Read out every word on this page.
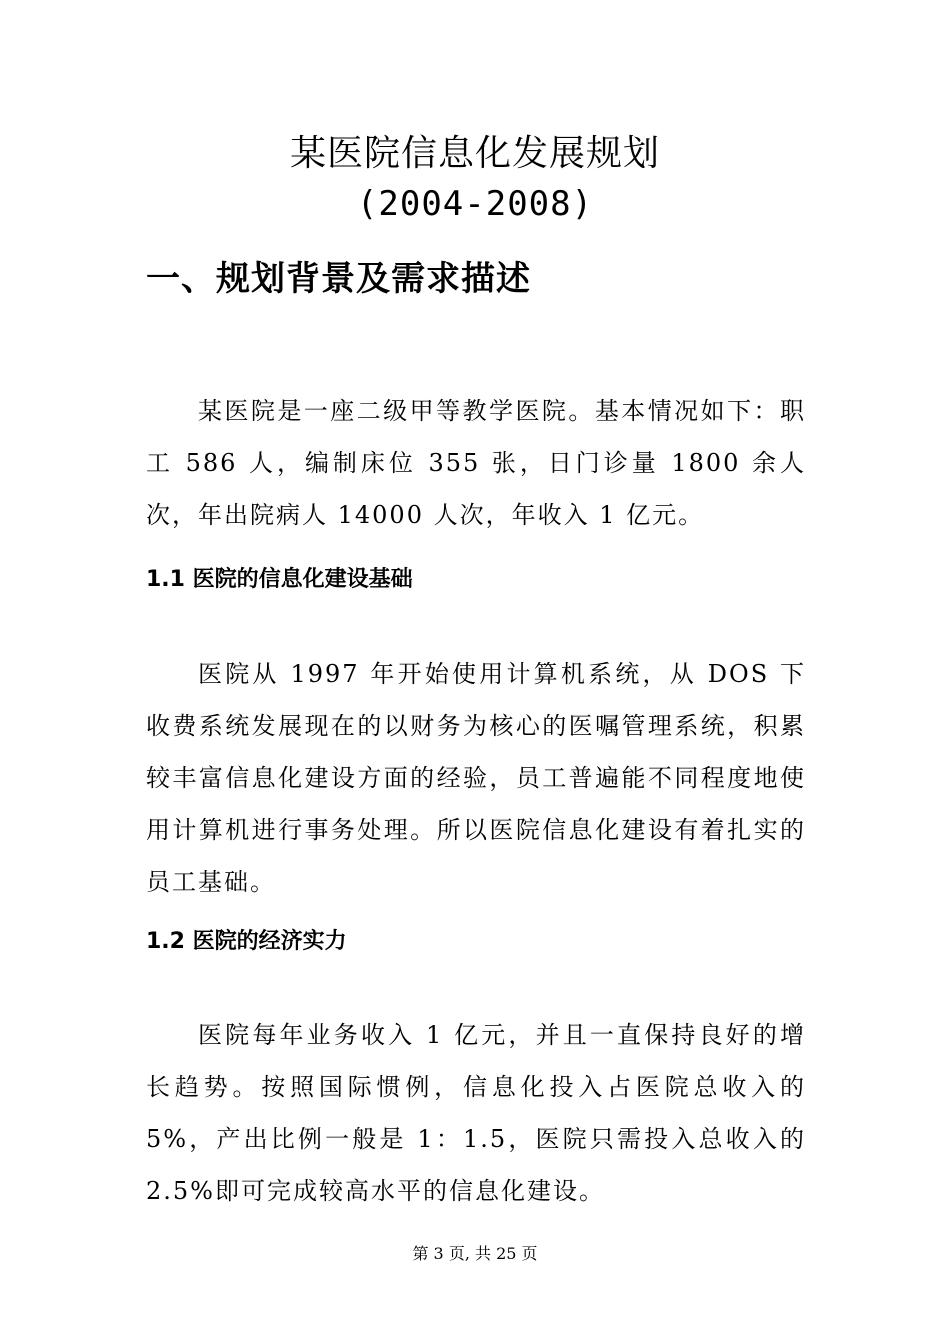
某医院信息化发展规划
(2004-2008)
一、规划背景及需求描述

某医院是一座二级甲等教学医院。基本情况如下：职工 586 人，编制床位 355 张，日门诊量 1800 余人次，年出院病人 14000 人次，年收入 1 亿元。

1.1 医院的信息化建设基础

医院从 1997 年开始使用计算机系统，从 DOS 下收费系统发展现在的以财务为核心的医嘱管理系统，积累较丰富信息化建设方面的经验，员工普遍能不同程度地使用计算机进行事务处理。所以医院信息化建设有着扎实的员工基础。

1.2 医院的经济实力

医院每年业务收入 1 亿元，并且一直保持良好的增长趋势。按照国际惯例，信息化投入占医院总收入的 5%，产出比例一般是 1：1.5，医院只需投入总收入的 2.5%即可完成较高水平的信息化建设。

第 3 页, 共 25 页
